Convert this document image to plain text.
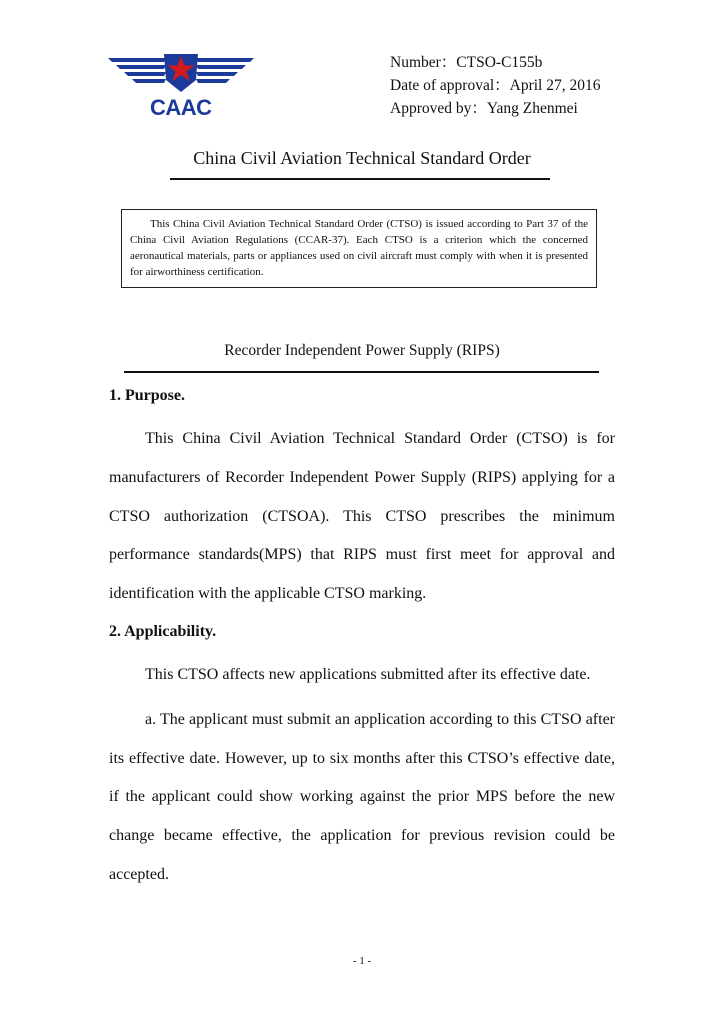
CAAC
Number：CTSO-C155b
Date of approval：April 27, 2016
Approved by：Yang Zhenmei
China Civil Aviation Technical Standard Order
This China Civil Aviation Technical Standard Order (CTSO) is issued according to Part 37 of the China Civil Aviation Regulations (CCAR-37). Each CTSO is a criterion which the concerned aeronautical materials, parts or appliances used on civil aircraft must comply with when it is presented for airworthiness certification.
Recorder Independent Power Supply (RIPS)
1. Purpose.

This China Civil Aviation Technical Standard Order (CTSO) is for manufacturers of Recorder Independent Power Supply (RIPS) applying for a CTSO authorization (CTSOA). This CTSO prescribes the minimum performance standards(MPS) that RIPS must first meet for approval and identification with the applicable CTSO marking.

2. Applicability.

This CTSO affects new applications submitted after its effective date.

a. The applicant must submit an application according to this CTSO after its effective date. However, up to six months after this CTSO’s effective date, if the applicant could show working against the prior MPS before the new change became effective, the application for previous revision could be accepted.

- 1 -
